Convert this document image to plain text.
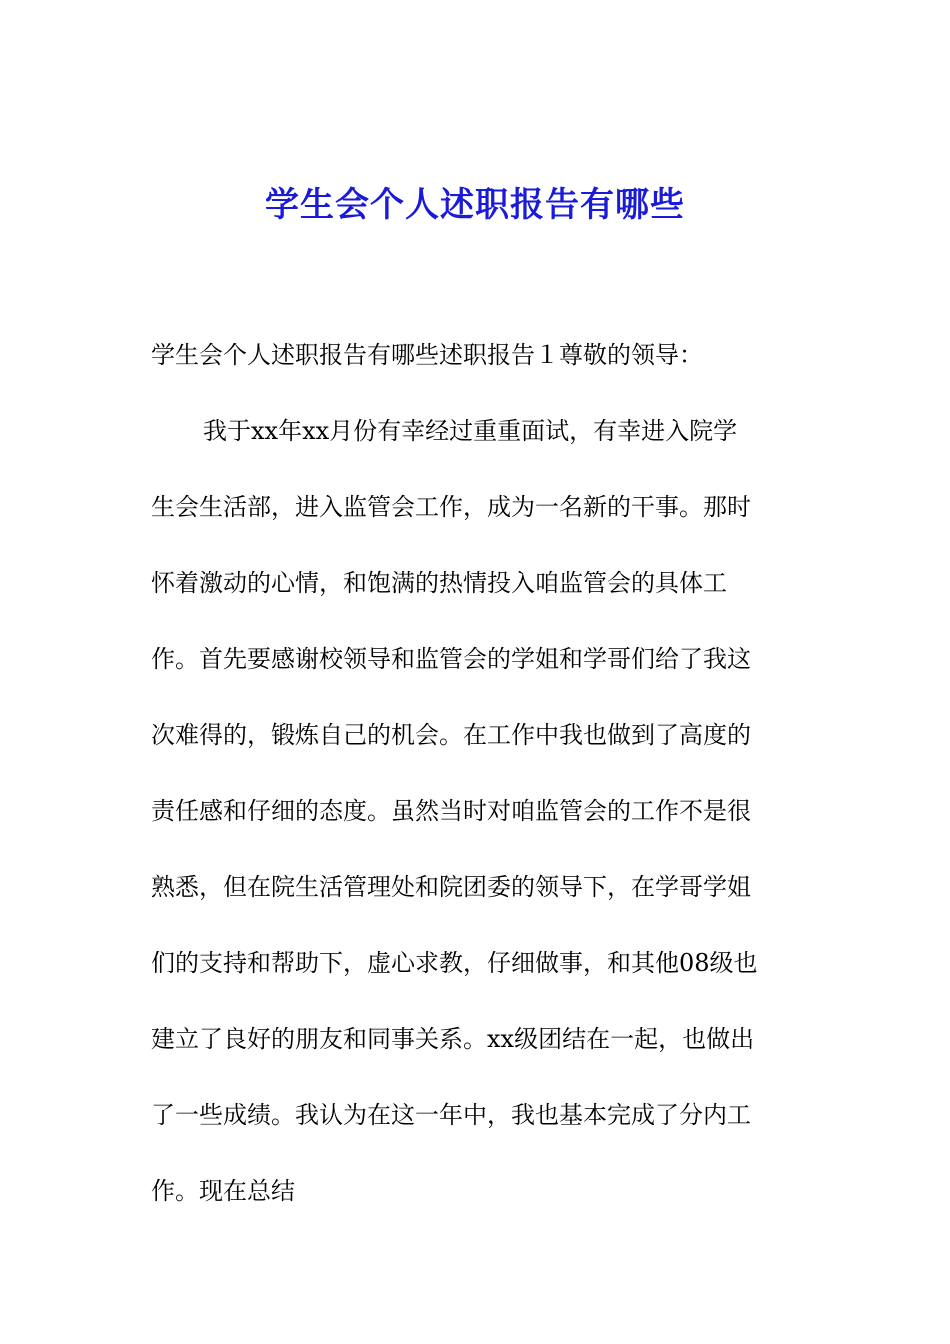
学生会个人述职报告有哪些
学生会个人述职报告有哪些述职报告１尊敬的领导：
我于xx年xx月份有幸经过重重面试，有幸进入院学
生会生活部，进入监管会工作，成为一名新的干事。那时
怀着激动的心情，和饱满的热情投入咱监管会的具体工
作。首先要感谢校领导和监管会的学姐和学哥们给了我这
次难得的，锻炼自己的机会。在工作中我也做到了高度的
责任感和仔细的态度。虽然当时对咱监管会的工作不是很
熟悉，但在院生活管理处和院团委的领导下，在学哥学姐
们的支持和帮助下，虚心求教，仔细做事，和其他08级也
建立了良好的朋友和同事关系。xx级团结在一起，也做出
了一些成绩。我认为在这一年中，我也基本完成了分内工
作。现在总结
